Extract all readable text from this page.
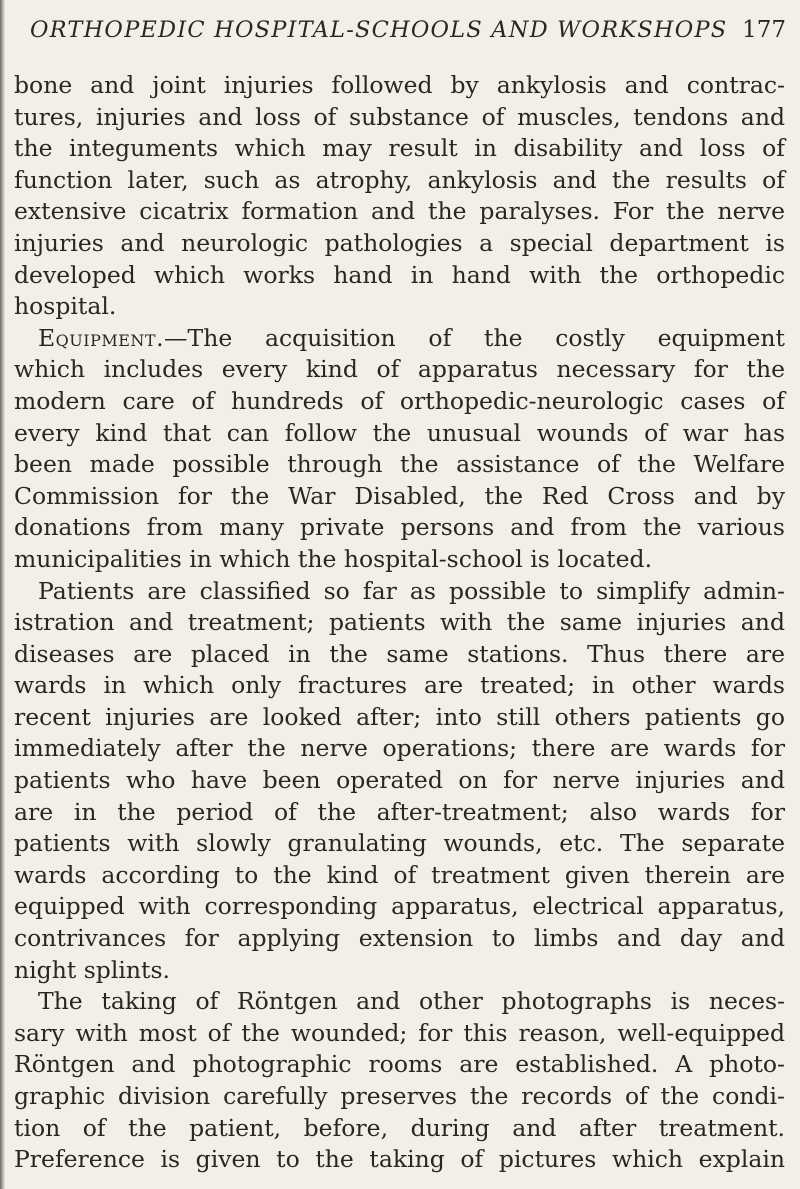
ORTHOPEDIC HOSPITAL-SCHOOLS AND WORKSHOPS 177
bone and joint injuries followed by ankylosis and contrac-
tures, injuries and loss of substance of muscles, tendons and
the integuments which may result in disability and loss of
function later, such as atrophy, ankylosis and the results of
extensive cicatrix formation and the paralyses. For the nerve
injuries and neurologic pathologies a special department is
developed which works hand in hand with the orthopedic
hospital.
Equipment.—The acquisition of the costly equipment
which includes every kind of apparatus necessary for the
modern care of hundreds of orthopedic-neurologic cases of
every kind that can follow the unusual wounds of war has
been made possible through the assistance of the Welfare
Commission for the War Disabled, the Red Cross and by
donations from many private persons and from the various
municipalities in which the hospital-school is located.
Patients are classified so far as possible to simplify admin-
istration and treatment; patients with the same injuries and
diseases are placed in the same stations. Thus there are
wards in which only fractures are treated; in other wards
recent injuries are looked after; into still others patients go
immediately after the nerve operations; there are wards for
patients who have been operated on for nerve injuries and
are in the period of the after-treatment; also wards for
patients with slowly granulating wounds, etc. The separate
wards according to the kind of treatment given therein are
equipped with corresponding apparatus, electrical apparatus,
contrivances for applying extension to limbs and day and
night splints.
The taking of Röntgen and other photographs is neces-
sary with most of the wounded; for this reason, well-equipped
Röntgen and photographic rooms are established. A photo-
graphic division carefully preserves the records of the condi-
tion of the patient, before, during and after treatment.
Preference is given to the taking of pictures which explain
